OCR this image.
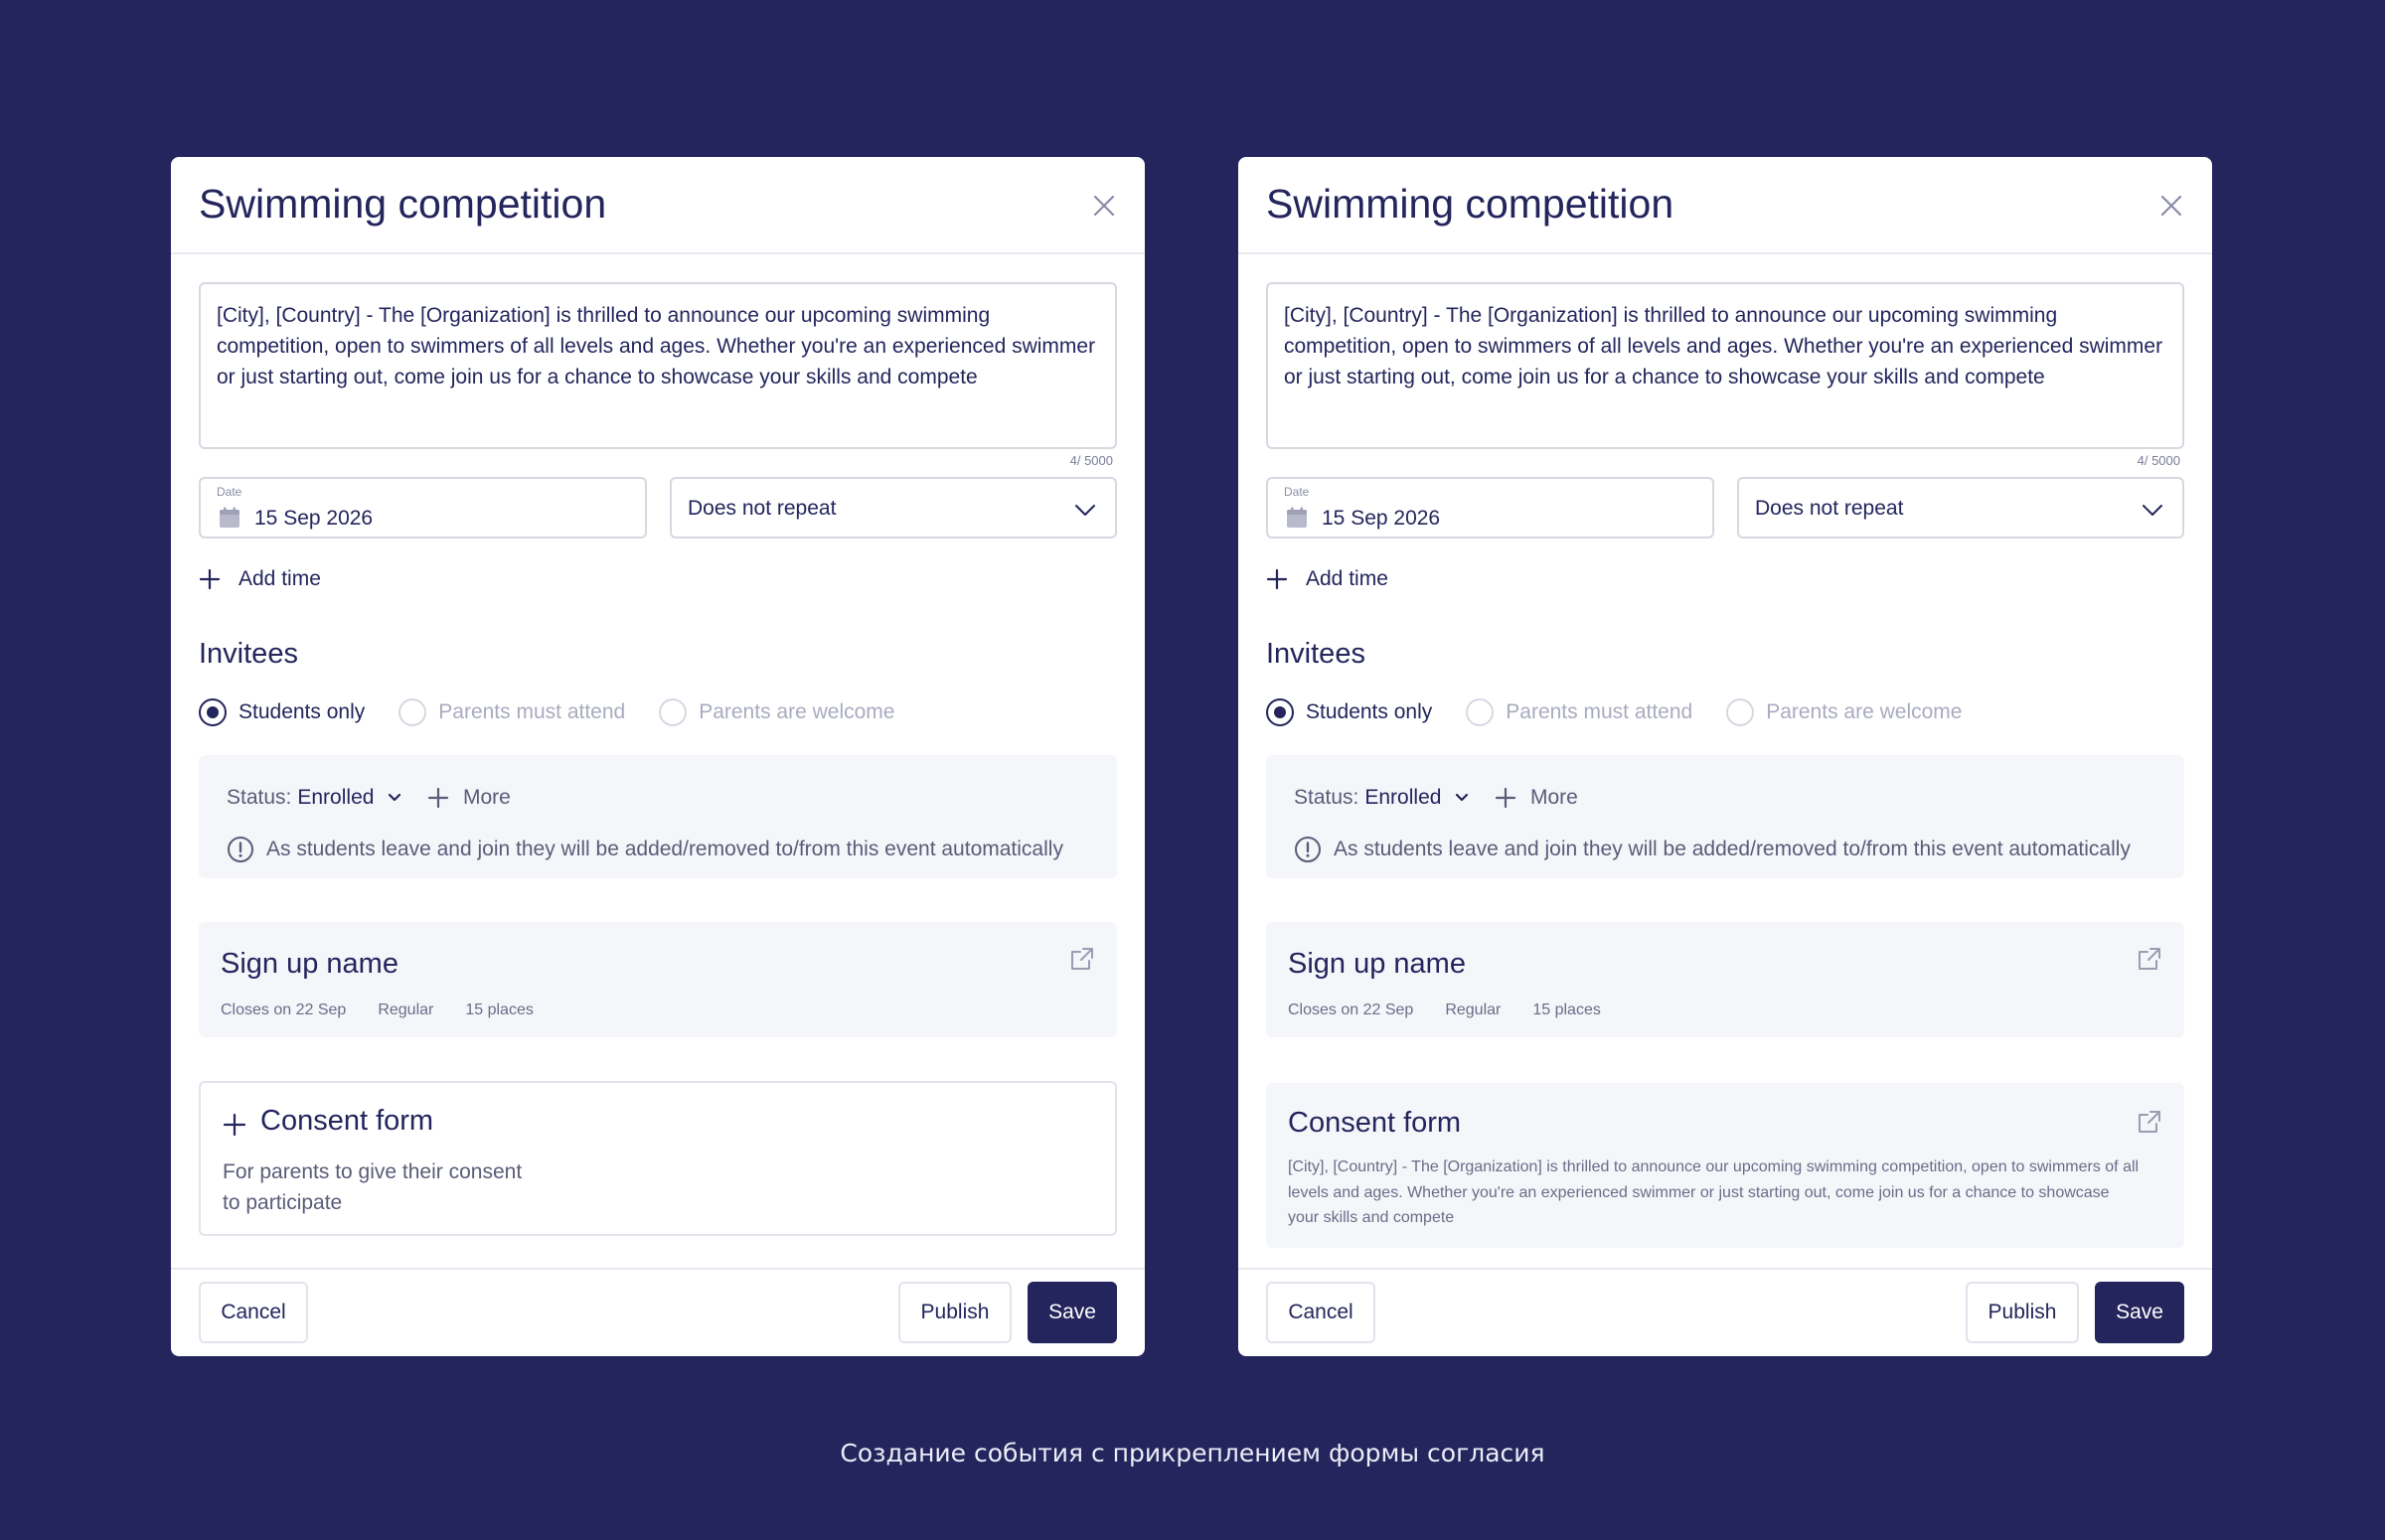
Swimming competition
[City], [Country] - The [Organization] is thrilled to announce our upcoming swimming competition, open to swimmers of all levels and ages. Whether you're an experienced swimmer or just starting out, come join us for a chance to showcase your skills and compete
4/ 5000
Date
15 Sep 2026	Does not repeat
Add time
Invitees
Students only	Parents must attend	Parents are welcome
Status: Enrolled	More
As students leave and join they will be added/removed to/from this event automatically
Sign up name
Closes on 22 Sep Regular 15 places
Consent form
For parents to give their consent to participate
Cancel	Publish	Save
Swimming competition
[City], [Country] - The [Organization] is thrilled to announce our upcoming swimming competition, open to swimmers of all levels and ages. Whether you're an experienced swimmer or just starting out, come join us for a chance to showcase your skills and compete
4/ 5000
Date
15 Sep 2026	Does not repeat
Add time
Invitees
Students only	Parents must attend	Parents are welcome
Status: Enrolled	More
As students leave and join they will be added/removed to/from this event automatically
Sign up name
Closes on 22 Sep Regular 15 places
Consent form
[City], [Country] - The [Organization] is thrilled to announce our upcoming swimming competition, open to swimmers of all levels and ages. Whether you're an experienced swimmer or just starting out, come join us for a chance to showcase your skills and compete
Cancel	Publish	Save
Создание события с прикреплением формы согласия
